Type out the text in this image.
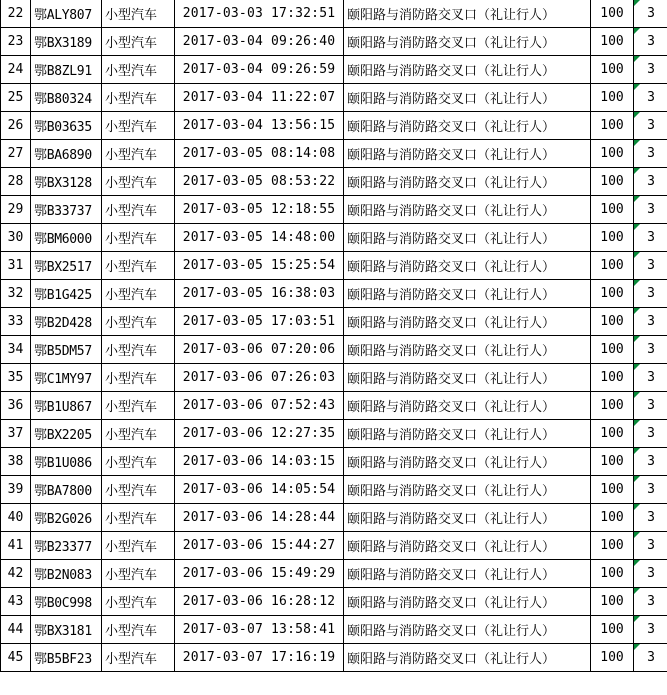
22	鄂ALY807	小型汽车	2017-03-03 17:32:51	颐阳路与消防路交叉口（礼让行人）	100	3
23	鄂BX3189	小型汽车	2017-03-04 09:26:40	颐阳路与消防路交叉口（礼让行人）	100	3
24	鄂B8ZL91	小型汽车	2017-03-04 09:26:59	颐阳路与消防路交叉口（礼让行人）	100	3
25	鄂B80324	小型汽车	2017-03-04 11:22:07	颐阳路与消防路交叉口（礼让行人）	100	3
26	鄂B03635	小型汽车	2017-03-04 13:56:15	颐阳路与消防路交叉口（礼让行人）	100	3
27	鄂BA6890	小型汽车	2017-03-05 08:14:08	颐阳路与消防路交叉口（礼让行人）	100	3
28	鄂BX3128	小型汽车	2017-03-05 08:53:22	颐阳路与消防路交叉口（礼让行人）	100	3
29	鄂B33737	小型汽车	2017-03-05 12:18:55	颐阳路与消防路交叉口（礼让行人）	100	3
30	鄂BM6000	小型汽车	2017-03-05 14:48:00	颐阳路与消防路交叉口（礼让行人）	100	3
31	鄂BX2517	小型汽车	2017-03-05 15:25:54	颐阳路与消防路交叉口（礼让行人）	100	3
32	鄂B1G425	小型汽车	2017-03-05 16:38:03	颐阳路与消防路交叉口（礼让行人）	100	3
33	鄂B2D428	小型汽车	2017-03-05 17:03:51	颐阳路与消防路交叉口（礼让行人）	100	3
34	鄂B5DM57	小型汽车	2017-03-06 07:20:06	颐阳路与消防路交叉口（礼让行人）	100	3
35	鄂C1MY97	小型汽车	2017-03-06 07:26:03	颐阳路与消防路交叉口（礼让行人）	100	3
36	鄂B1U867	小型汽车	2017-03-06 07:52:43	颐阳路与消防路交叉口（礼让行人）	100	3
37	鄂BX2205	小型汽车	2017-03-06 12:27:35	颐阳路与消防路交叉口（礼让行人）	100	3
38	鄂B1U086	小型汽车	2017-03-06 14:03:15	颐阳路与消防路交叉口（礼让行人）	100	3
39	鄂BA7800	小型汽车	2017-03-06 14:05:54	颐阳路与消防路交叉口（礼让行人）	100	3
40	鄂B2G026	小型汽车	2017-03-06 14:28:44	颐阳路与消防路交叉口（礼让行人）	100	3
41	鄂B23377	小型汽车	2017-03-06 15:44:27	颐阳路与消防路交叉口（礼让行人）	100	3
42	鄂B2N083	小型汽车	2017-03-06 15:49:29	颐阳路与消防路交叉口（礼让行人）	100	3
43	鄂B0C998	小型汽车	2017-03-06 16:28:12	颐阳路与消防路交叉口（礼让行人）	100	3
44	鄂BX3181	小型汽车	2017-03-07 13:58:41	颐阳路与消防路交叉口（礼让行人）	100	3
45	鄂B5BF23	小型汽车	2017-03-07 17:16:19	颐阳路与消防路交叉口（礼让行人）	100	3
